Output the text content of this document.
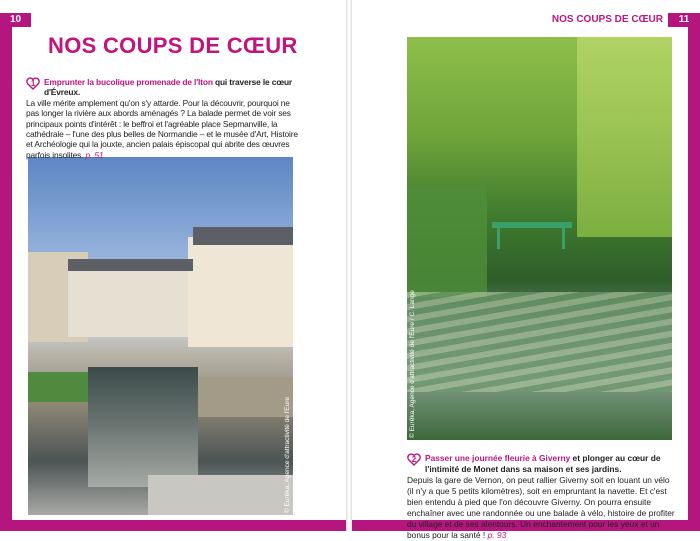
10
NOS COUPS DE CŒUR
1	Emprunter la bucolique promenade de l'Iton qui traverse le cœur d'Évreux.
La ville mérite amplement qu'on s'y attarde. Pour la découvrir, pourquoi ne pas longer la rivière aux abords aménagés ? La balade permet de voir ses principaux points d'intérêt : le beffroi et l'agréable place Sepmanville, la cathédrale – l'une des plus belles de Normandie – et le musée d'Art, Histoire et Archéologie qui la jouxte, ancien palais épiscopal qui abrite des œuvres parfois insolites. p. 51
© Eurêka, Agence d'attractivité de l'Eure
11
NOS COUPS DE CŒUR
© Eurêka, Agence d'attractivité de l'Eure / C. Lange
2	Passer une journée fleurie à Giverny et plonger au cœur de l'intimité de Monet dans sa maison et ses jardins.
Depuis la gare de Vernon, on peut rallier Giverny soit en louant un vélo (il n'y a que 5 petits kilomètres), soit en empruntant la navette. Et c'est bien entendu à pied que l'on découvre Giverny. On pourra ensuite enchaîner avec une randonnée ou une balade à vélo, histoire de profiter du village et de ses alentours. Un enchantement pour les yeux et un bonus pour la santé ! p. 93
